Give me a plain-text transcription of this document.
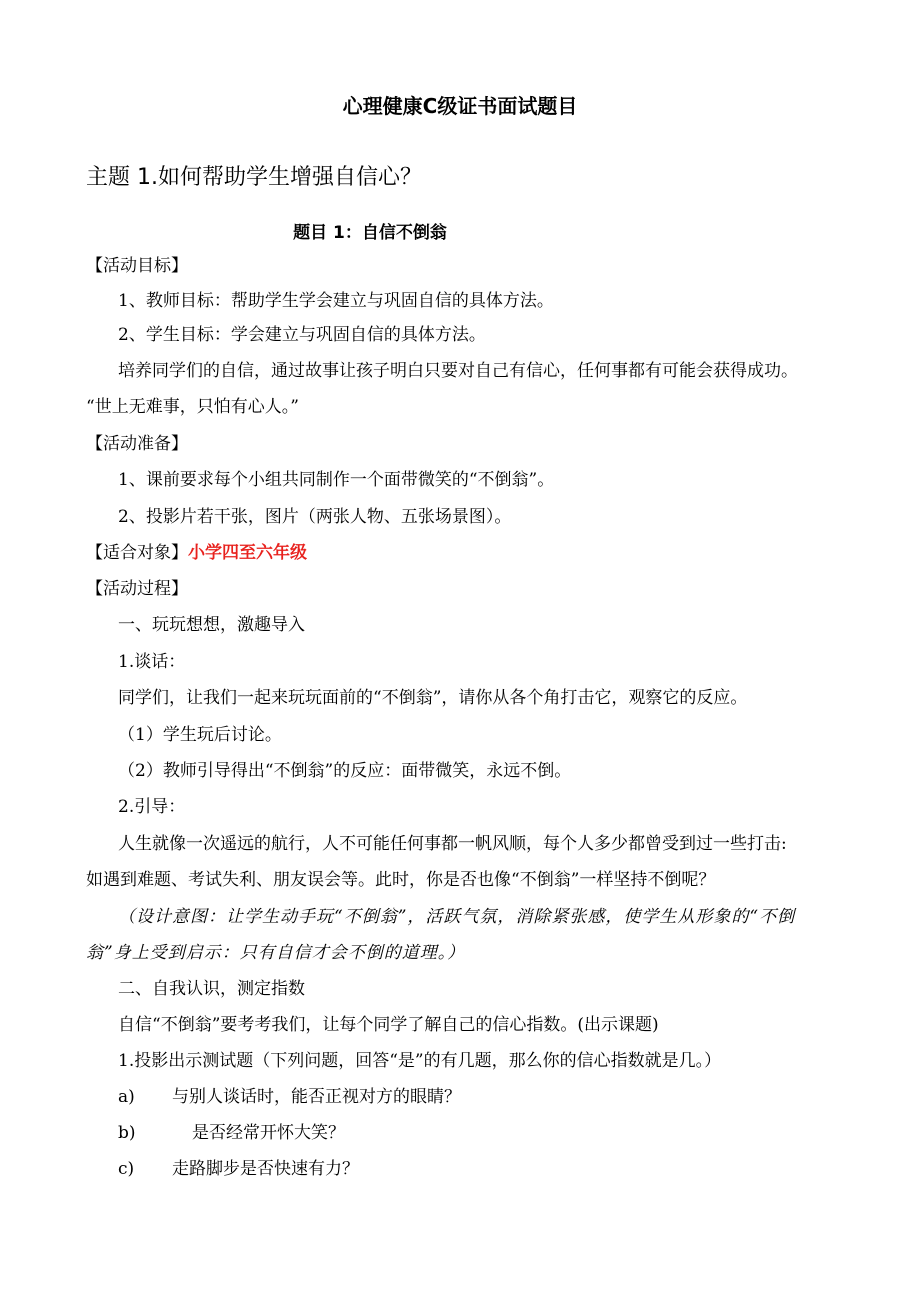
心理健康C级证书面试题目
主题 1.如何帮助学生增强自信心？
题目 1：自信不倒翁
【活动目标】
1、教师目标：帮助学生学会建立与巩固自信的具体方法。
2、学生目标：学会建立与巩固自信的具体方法。
培养同学们的自信，通过故事让孩子明白只要对自己有信心，任何事都有可能会获得成功。
“世上无难事，只怕有心人。”
【活动准备】
1、课前要求每个小组共同制作一个面带微笑的“不倒翁”。
2、投影片若干张，图片（两张人物、五张场景图）。
【适合对象】小学四至六年级
【活动过程】
一、玩玩想想，激趣导入
1.谈话：
同学们，让我们一起来玩玩面前的“不倒翁”，请你从各个角打击它，观察它的反应。
（1）学生玩后讨论。
（2）教师引导得出“不倒翁”的反应：面带微笑，永远不倒。
2.引导：
人生就像一次遥远的航行，人不可能任何事都一帆风顺，每个人多少都曾受到过一些打击:
如遇到难题、考试失利、朋友误会等。此时，你是否也像“不倒翁”一样坚持不倒呢？
（设计意图：让学生动手玩“不倒翁”，活跃气氛，消除紧张感，使学生从形象的“不倒
翁”身上受到启示：只有自信才会不倒的道理。）
二、自我认识，测定指数
自信“不倒翁”要考考我们，让每个同学了解自己的信心指数。(出示课题)
1.投影出示测试题（下列问题，回答“是”的有几题，那么你的信心指数就是几。）
a) 与别人谈话时，能否正视对方的眼睛？
b)	是否经常开怀大笑？
c) 走路脚步是否快速有力？
